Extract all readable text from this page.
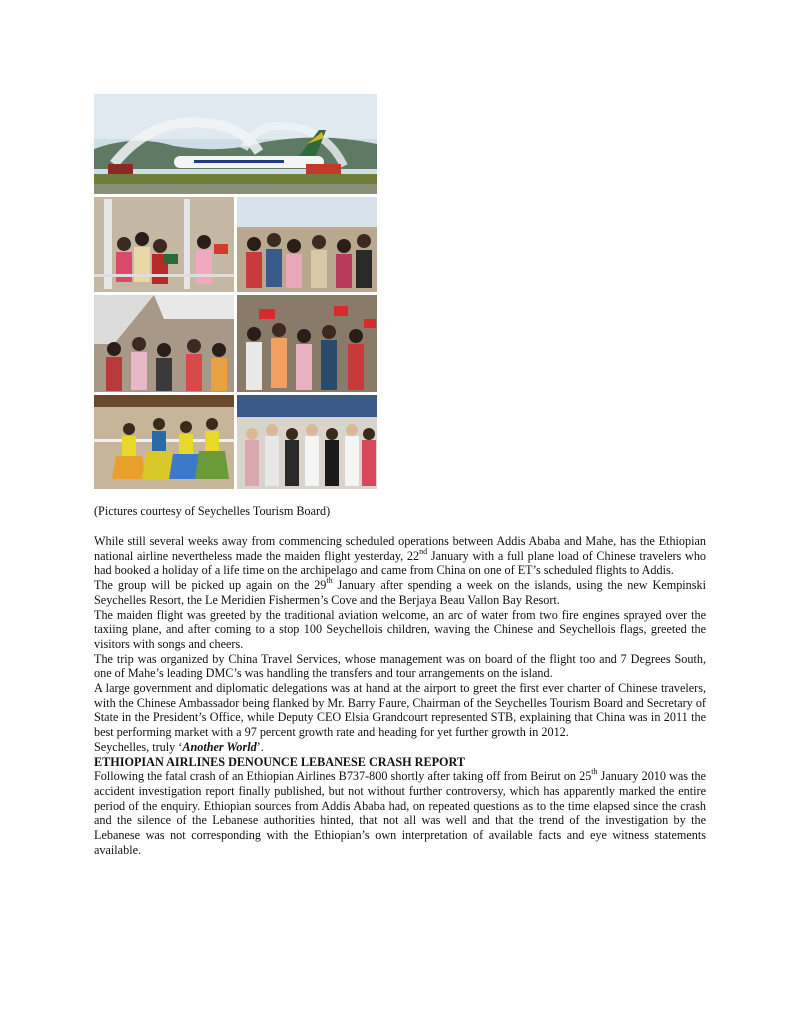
(Pictures courtesy of Seychelles Tourism Board)

While still several weeks away from commencing scheduled operations between Addis Ababa and Mahe, has the Ethiopian national airline nevertheless made the maiden flight yesterday, 22nd January with a full plane load of Chinese travelers who had booked a holiday of a life time on the archipelago and came from China on one of ET’s scheduled flights to Addis.

The group will be picked up again on the 29th January after spending a week on the islands, using the new Kempinski Seychelles Resort, the Le Meridien Fishermen’s Cove and the Berjaya Beau Vallon Bay Resort.

The maiden flight was greeted by the traditional aviation welcome, an arc of water from two fire engines sprayed over the taxiing plane, and after coming to a stop 100 Seychellois children, waving the Chinese and Seychellois flags, greeted the visitors with songs and cheers.

The trip was organized by China Travel Services, whose management was on board of the flight too and 7 Degrees South, one of Mahe’s leading DMC’s was handling the transfers and tour arrangements on the island.

A large government and diplomatic delegations was at hand at the airport to greet the first ever charter of Chinese travelers, with the Chinese Ambassador being flanked by Mr. Barry Faure, Chairman of the Seychelles Tourism Board and Secretary of State in the President’s Office, while Deputy CEO Elsia Grandcourt represented STB, explaining that China was in 2011 the best performing market with a 97 percent growth rate and heading for yet further growth in 2012.

Seychelles, truly ‘Another World’.

ETHIOPIAN AIRLINES DENOUNCE LEBANESE CRASH REPORT

Following the fatal crash of an Ethiopian Airlines B737-800 shortly after taking off from Beirut on 25th January 2010 was the accident investigation report finally published, but not without further controversy, which has apparently marked the entire period of the enquiry. Ethiopian sources from Addis Ababa had, on repeated questions as to the time elapsed since the crash and the silence of the Lebanese authorities hinted, that not all was well and that the trend of the investigation by the Lebanese was not corresponding with the Ethiopian’s own interpretation of available facts and eye witness statements available.
